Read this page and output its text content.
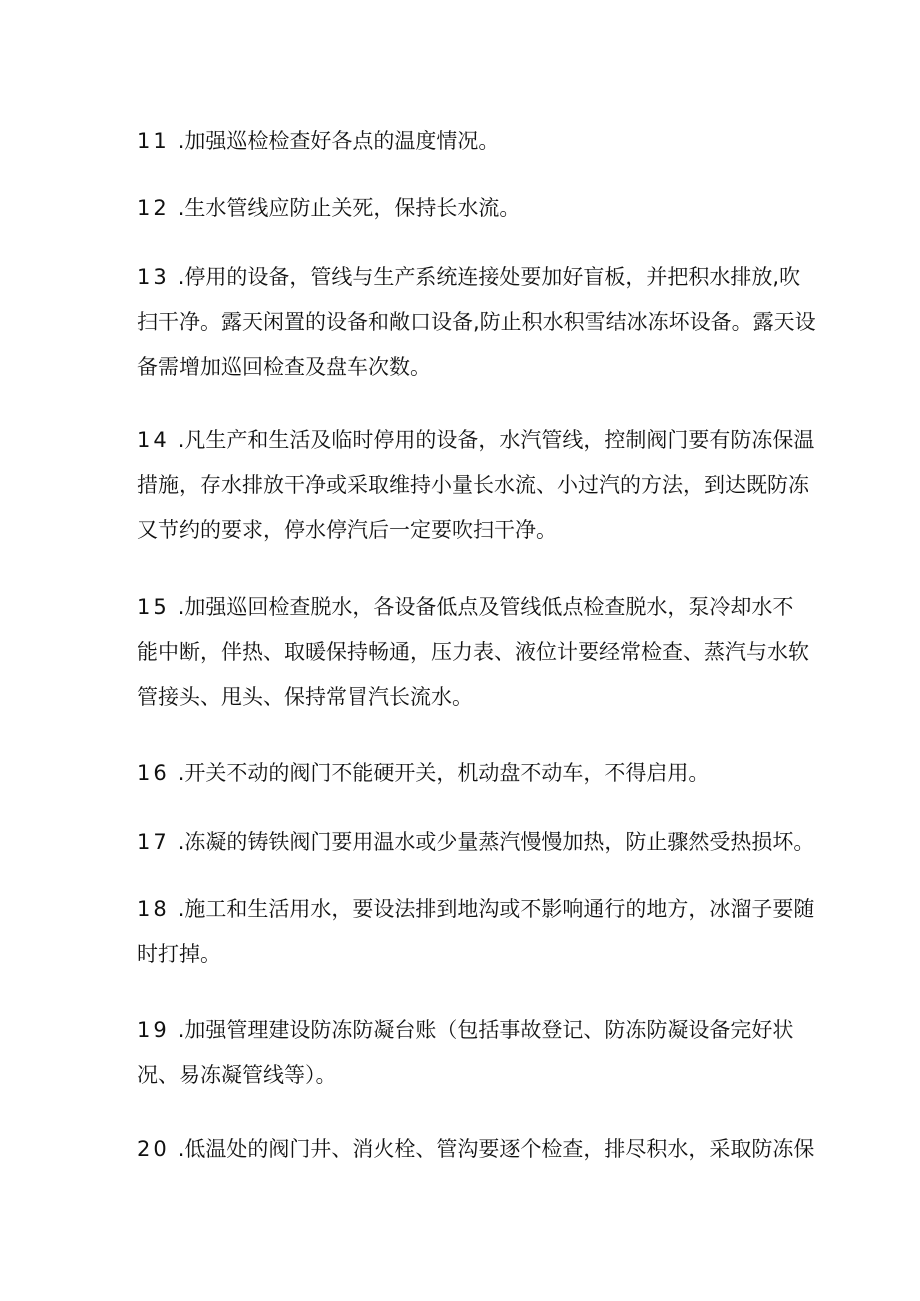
11 .加强巡检检查好各点的温度情况。
12 .生水管线应防止关死，保持长水流。
13 .停用的设备，管线与生产系统连接处要加好盲板，并把积水排放,吹
扫干净。露天闲置的设备和敞口设备,防止积水积雪结冰冻坏设备。露天设
备需增加巡回检查及盘车次数。
14 .凡生产和生活及临时停用的设备，水汽管线，控制阀门要有防冻保温
措施，存水排放干净或采取维持小量长水流、小过汽的方法，到达既防冻
又节约的要求，停水停汽后一定要吹扫干净。
15 .加强巡回检查脱水，各设备低点及管线低点检查脱水，泵冷却水不
能中断，伴热、取暖保持畅通，压力表、液位计要经常检查、蒸汽与水软
管接头、甩头、保持常冒汽长流水。
16 .开关不动的阀门不能硬开关，机动盘不动车，不得启用。
17 .冻凝的铸铁阀门要用温水或少量蒸汽慢慢加热，防止骤然受热损坏。
18 .施工和生活用水，要设法排到地沟或不影响通行的地方，冰溜子要随
时打掉。
19 .加强管理建设防冻防凝台账（包括事故登记、防冻防凝设备完好状
况、易冻凝管线等）。
20 .低温处的阀门井、消火栓、管沟要逐个检查，排尽积水，采取防冻保
